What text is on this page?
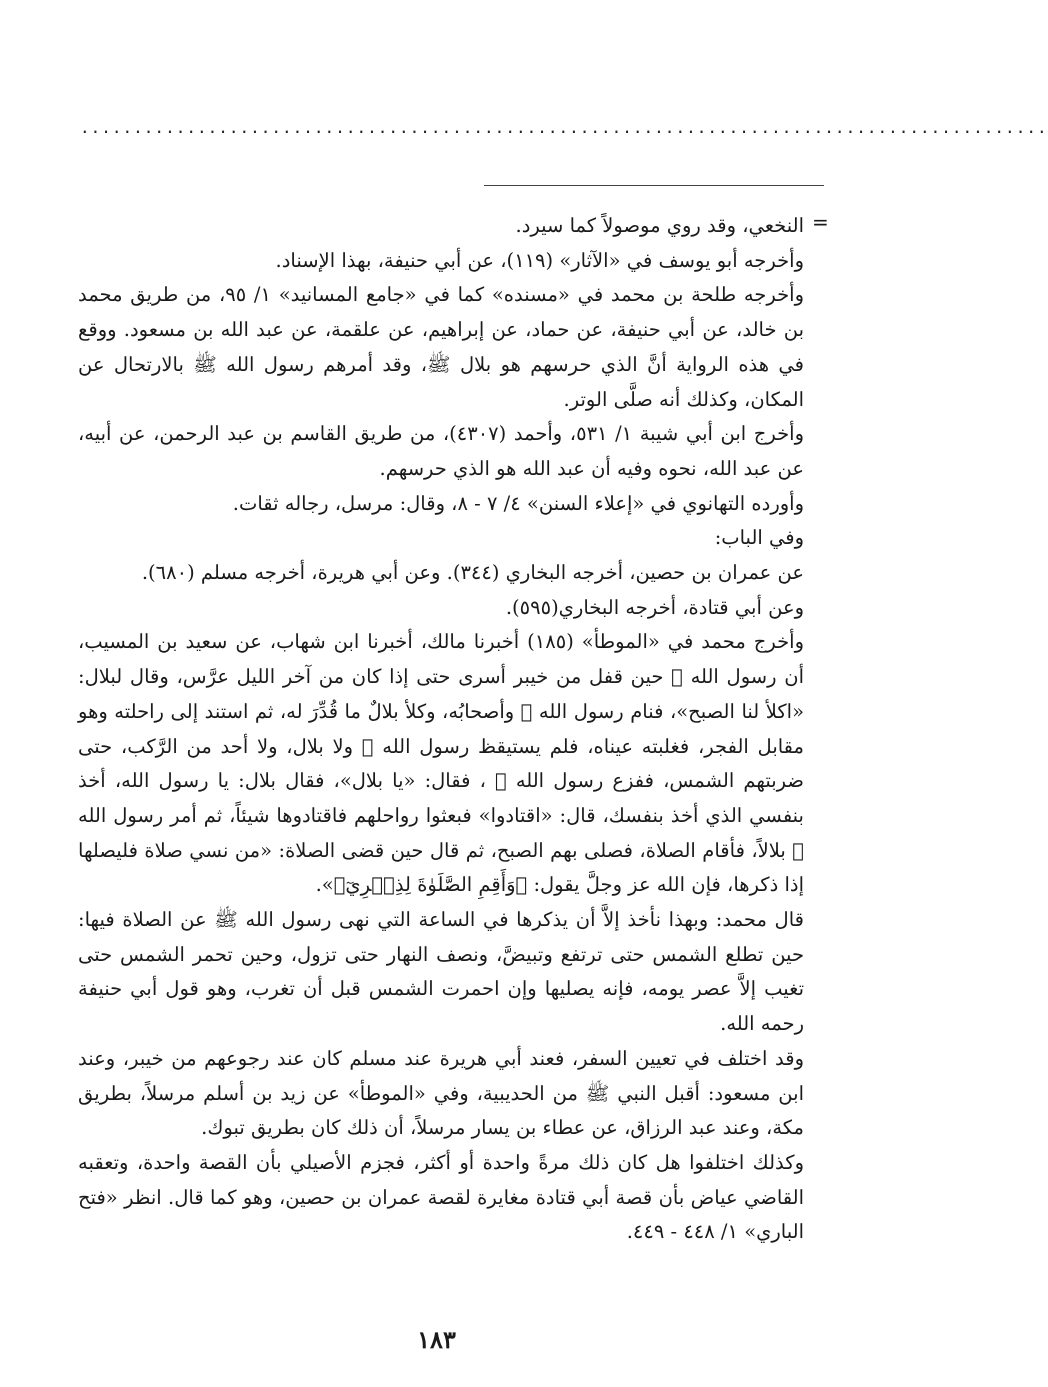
...........................................................................................
=

النخعي، وقد روي موصولاً كما سيرد.

وأخرجه أبو يوسف في «الآثار» (١١٩)، عن أبي حنيفة، بهذا الإسناد.

وأخرجه طلحة بن محمد في «مسنده» كما في «جامع المسانيد» ١/ ٩٥، من طريق محمد بن خالد، عن أبي حنيفة، عن حماد، عن إبراهيم، عن علقمة، عن عبد الله بن مسعود. ووقع في هذه الرواية أنَّ الذي حرسهم هو بلال ﷺ، وقد أمرهم رسول الله ﷺ بالارتحال عن المكان، وكذلك أنه صلَّى الوتر.

وأخرج ابن أبي شيبة ١/ ٥٣١، وأحمد (٤٣٠٧)، من طريق القاسم بن عبد الرحمن، عن أبيه، عن عبد الله، نحوه وفيه أن عبد الله هو الذي حرسهم.

وأورده التهانوي في «إعلاء السنن» ٤/ ٧ - ٨، وقال: مرسل، رجاله ثقات.

وفي الباب:

عن عمران بن حصين، أخرجه البخاري (٣٤٤). وعن أبي هريرة، أخرجه مسلم (٦٨٠).

وعن أبي قتادة، أخرجه البخاري(٥٩٥).

وأخرج محمد في «الموطأ» (١٨٥) أخبرنا مالك، أخبرنا ابن شهاب، عن سعيد بن المسيب، أن رسول الله ﷺ حين قفل من خيبر أسرى حتى إذا كان من آخر الليل عرَّس، وقال لبلال: «اكلأ لنا الصبح»، فنام رسول الله ﷺ وأصحابُه، وكلأ بلالٌ ما قُدِّرَ له، ثم استند إلى راحلته وهو مقابل الفجر، فغلبته عيناه، فلم يستيقظ رسول الله ﷺ ولا بلال، ولا أحد من الرَّكب، حتى ضربتهم الشمس، ففزع رسول الله ﷺ ، فقال: «يا بلال»، فقال بلال: يا رسول الله، أخذ بنفسي الذي أخذ بنفسك، قال: «اقتادوا» فبعثوا رواحلهم فاقتادوها شيئاً، ثم أمر رسول الله ﷺ بلالاً، فأقام الصلاة، فصلى بهم الصبح، ثم قال حين قضى الصلاة: «من نسي صلاة فليصلها إذا ذكرها، فإن الله عز وجلَّ يقول: ﴿وَأَقِمِ الصَّلَوٰةَ لِذِكۡرِيٓ﴾».

قال محمد: وبهذا نأخذ إلاَّ أن يذكرها في الساعة التي نهى رسول الله ﷺ عن الصلاة فيها: حين تطلع الشمس حتى ترتفع وتبيضَّ، ونصف النهار حتى تزول، وحين تحمر الشمس حتى تغيب إلاَّ عصر يومه، فإنه يصليها وإن احمرت الشمس قبل أن تغرب، وهو قول أبي حنيفة رحمه الله.

وقد اختلف في تعيين السفر، فعند أبي هريرة عند مسلم كان عند رجوعهم من خيبر، وعند ابن مسعود: أقبل النبي ﷺ من الحديبية، وفي «الموطأ» عن زيد بن أسلم مرسلاً، بطريق مكة، وعند عبد الرزاق، عن عطاء بن يسار مرسلاً، أن ذلك كان بطريق تبوك.

وكذلك اختلفوا هل كان ذلك مرةً واحدة أو أكثر، فجزم الأصيلي بأن القصة واحدة، وتعقبه القاضي عياض بأن قصة أبي قتادة مغايرة لقصة عمران بن حصين، وهو كما قال. انظر «فتح الباري» ١/ ٤٤٨ - ٤٤٩.

١٨٣
